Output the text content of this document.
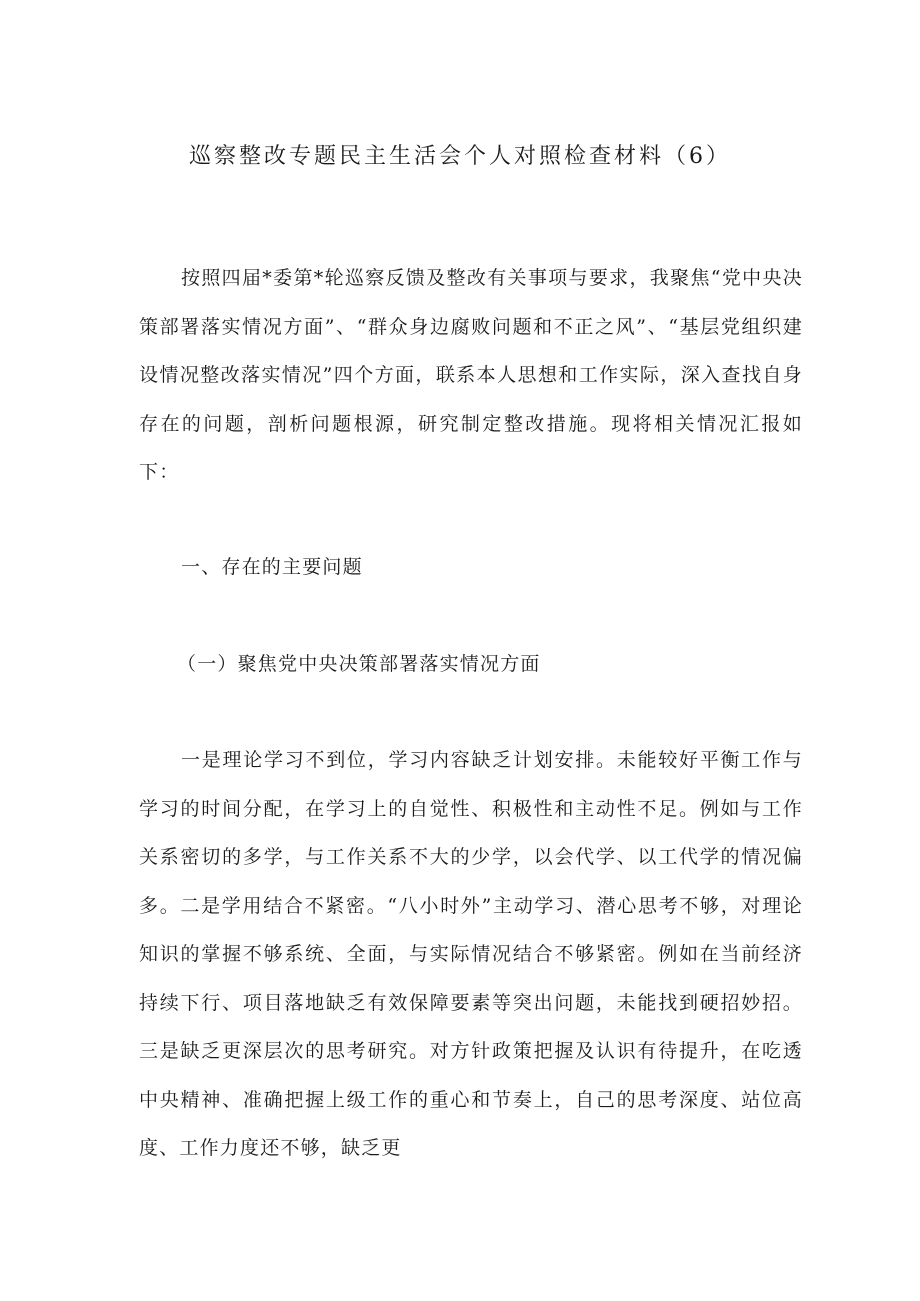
巡察整改专题民主生活会个人对照检查材料（6）

按照四届*委第*轮巡察反馈及整改有关事项与要求，我聚焦“党中央决策部署落实情况方面”、“群众身边腐败问题和不正之风”、“基层党组织建设情况整改落实情况”四个方面，联系本人思想和工作实际，深入查找自身存在的问题，剖析问题根源，研究制定整改措施。现将相关情况汇报如下：

一、存在的主要问题

（一）聚焦党中央决策部署落实情况方面

一是理论学习不到位，学习内容缺乏计划安排。未能较好平衡工作与学习的时间分配，在学习上的自觉性、积极性和主动性不足。例如与工作关系密切的多学，与工作关系不大的少学，以会代学、以工代学的情况偏多。二是学用结合不紧密。“八小时外”主动学习、潜心思考不够，对理论知识的掌握不够系统、全面，与实际情况结合不够紧密。例如在当前经济持续下行、项目落地缺乏有效保障要素等突出问题，未能找到硬招妙招。三是缺乏更深层次的思考研究。对方针政策把握及认识有待提升，在吃透中央精神、准确把握上级工作的重心和节奏上，自己的思考深度、站位高度、工作力度还不够，缺乏更
